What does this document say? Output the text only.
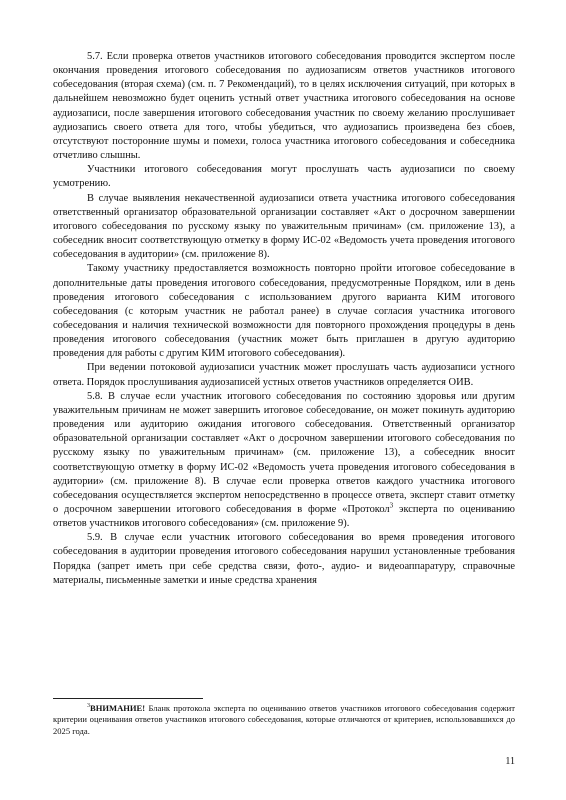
5.7. Если проверка ответов участников итогового собеседования проводится экспертом после окончания проведения итогового собеседования по аудиозаписям ответов участников итогового собеседования (вторая схема) (см. п. 7 Рекомендаций), то в целях исключения ситуаций, при которых в дальнейшем невозможно будет оценить устный ответ участника итогового собеседования на основе аудиозаписи, после завершения итогового собеседования участник по своему желанию прослушивает аудиозапись своего ответа для того, чтобы убедиться, что аудиозапись произведена без сбоев, отсутствуют посторонние шумы и помехи, голоса участника итогового собеседования и собеседника отчетливо слышны.

Участники итогового собеседования могут прослушать часть аудиозаписи по своему усмотрению.

В случае выявления некачественной аудиозаписи ответа участника итогового собеседования ответственный организатор образовательной организации составляет «Акт о досрочном завершении итогового собеседования по русскому языку по уважительным причинам» (см. приложение 13), а собеседник вносит соответствующую отметку в форму ИС-02 «Ведомость учета проведения итогового собеседования в аудитории» (см. приложение 8).

Такому участнику предоставляется возможность повторно пройти итоговое собеседование в дополнительные даты проведения итогового собеседования, предусмотренные Порядком, или в день проведения итогового собеседования с использованием другого варианта КИМ итогового собеседования (с которым участник не работал ранее) в случае согласия участника итогового собеседования и наличия технической возможности для повторного прохождения процедуры в день проведения итогового собеседования (участник может быть приглашен в другую аудиторию проведения для работы с другим КИМ итогового собеседования).

При ведении потоковой аудиозаписи участник может прослушать часть аудиозаписи устного ответа. Порядок прослушивания аудиозаписей устных ответов участников определяется ОИВ.

5.8. В случае если участник итогового собеседования по состоянию здоровья или другим уважительным причинам не может завершить итоговое собеседование, он может покинуть аудиторию проведения или аудиторию ожидания итогового собеседования. Ответственный организатор образовательной организации составляет «Акт о досрочном завершении итогового собеседования по русскому языку по уважительным причинам» (см. приложение 13), а собеседник вносит соответствующую отметку в форму ИС-02 «Ведомость учета проведения итогового собеседования в аудитории» (см. приложение 8). В случае если проверка ответов каждого участника итогового собеседования осуществляется экспертом непосредственно в процессе ответа, эксперт ставит отметку о досрочном завершении итогового собеседования в форме «Протокол$^3$ эксперта по оцениванию ответов участников итогового собеседования» (см. приложение 9).

5.9. В случае если участник итогового собеседования во время проведения итогового собеседования в аудитории проведения итогового собеседования нарушил установленные требования Порядка (запрет иметь при себе средства связи, фото-, аудио- и видеоаппаратуру, справочные материалы, письменные заметки и иные средства хранения

$^3$ВНИМАНИЕ! Бланк протокола эксперта по оцениванию ответов участников итогового собеседования содержит критерии оценивания ответов участников итогового собеседования, которые отличаются от критериев, использовавшихся до 2025 года.

11
